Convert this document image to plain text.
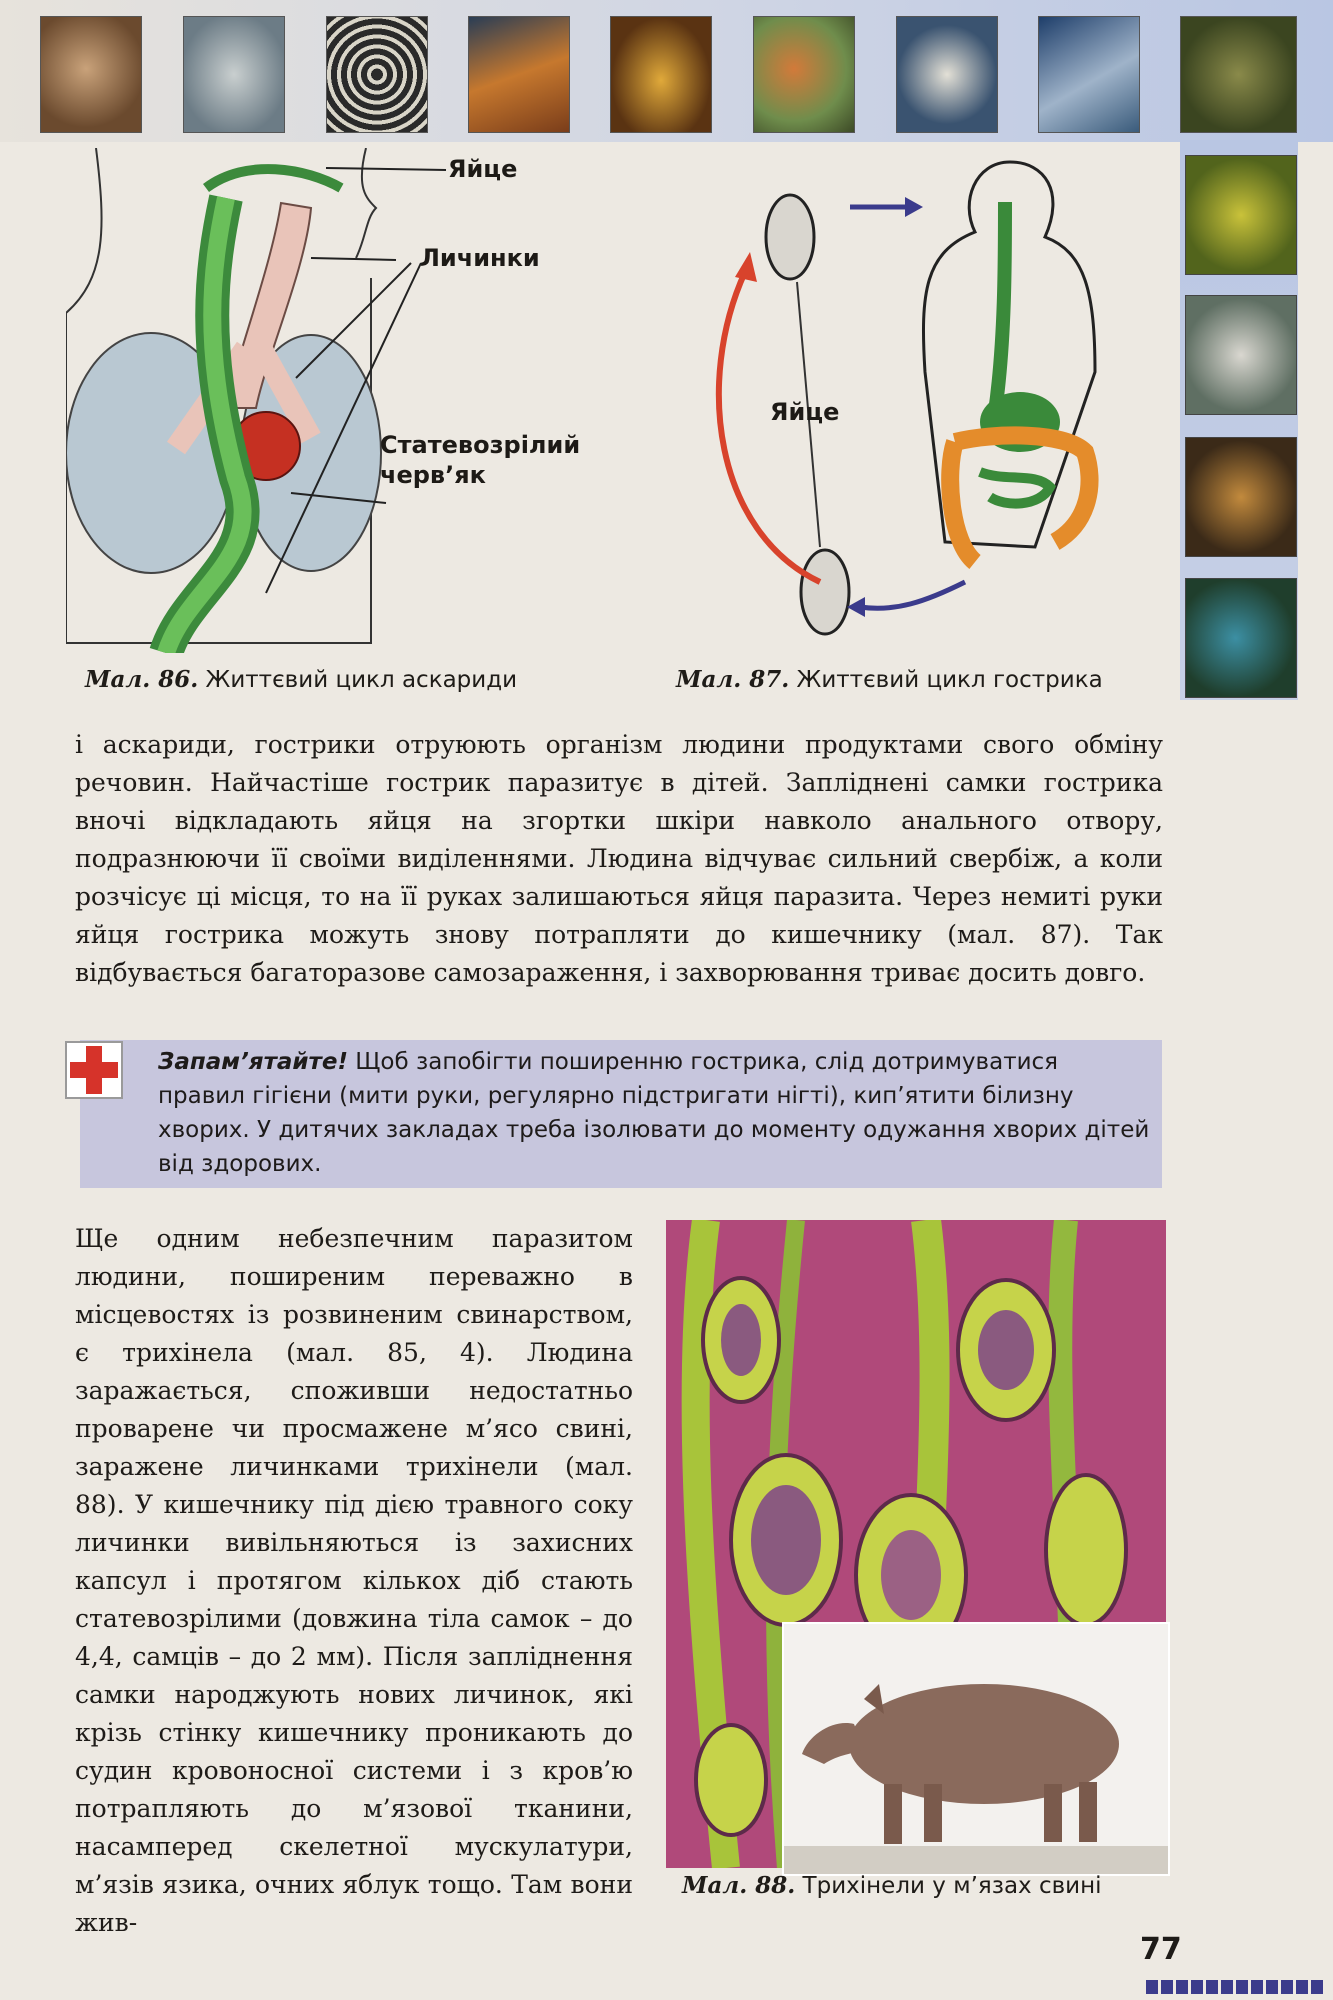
Яйце
Личинки
Статевозрілий черв’як
Мал. 86. Життєвий цикл аскариди
Яйце
Мал. 87. Життєвий цикл гострика

і аскариди, гострики отруюють організм людини продуктами свого обміну речовин. Найчастіше гострик паразитує в дітей. Запліднені самки гострика вночі відкладають яйця на згортки шкіри навколо анального отвору, подразнюючи її своїми виділеннями. Людина відчуває сильний свербіж, а коли розчісує ці місця, то на її руках залишаються яйця паразита. Через немиті руки яйця гострика можуть знову потрапляти до кишечнику (мал. 87). Так відбувається багаторазове самозараження, і захворювання триває досить довго.

Запам’ятайте! Щоб запобігти поширенню гострика, слід дотримуватися правил гігієни (мити руки, регулярно підстригати нігті), кип’ятити білизну хворих. У дитячих закладах треба ізолювати до моменту одужання хворих дітей від здорових.

Ще одним небезпечним паразитом людини, поширеним переважно в місцевостях із розвиненим свинарством, є трихінела (мал. 85, 4). Людина заражається, споживши недостатньо проварене чи просмажене м’ясо свині, заражене личинками трихінели (мал. 88). У кишечнику під дією травного соку личинки вивільняються із захисних капсул і протягом кількох діб стають статевозрілими (довжина тіла самок – до 4,4, самців – до 2 мм). Після запліднення самки народжують нових личинок, які крізь стінку кишечнику проникають до судин кровоносної системи і з кров’ю потрапляють до м’язової тканини, насамперед скелетної мускулатури, м’язів язика, очних яблук тощо. Там вони жив-

Мал. 88. Трихінели у м’язах свині
77
